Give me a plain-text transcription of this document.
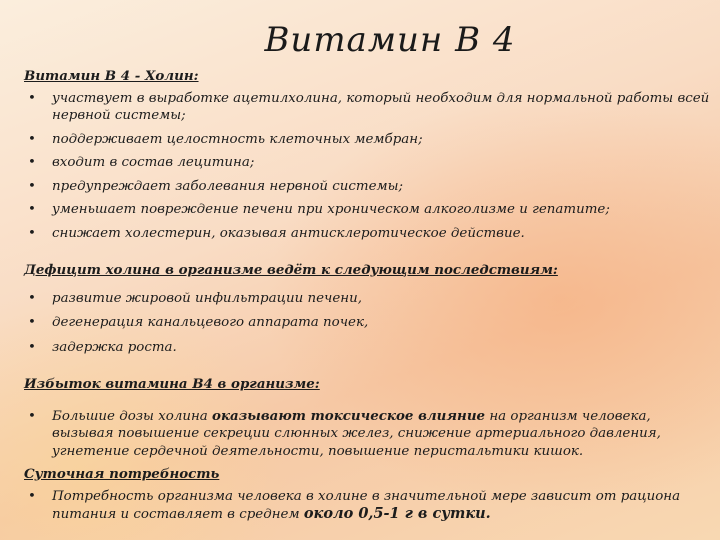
Витамин В 4
Витамин В 4 - Холин:
• участвует в выработке ацетилхолина, который необходим для нормальной работы всей нервной системы;
• поддерживает целостность клеточных мембран;
• входит в состав лецитина;
• предупреждает заболевания нервной системы;
• уменьшает повреждение печени при хроническом алкоголизме и гепатите;
• снижает холестерин, оказывая антисклеротическое действие.
Дефицит холина в организме ведёт к следующим последствиям:
• развитие жировой инфильтрации печени,
• дегенерация канальцевого аппарата почек,
• задержка роста.
Избыток витамина В4 в организме:
• Большие дозы холина оказывают токсическое влияние на организм человека, вызывая повышение секреции слюнных желез, снижение артериального давления, угнетение сердечной деятельности, повышение перистальтики кишок.
Суточная потребность
• Потребность организма человека в холине в значительной мере зависит от рациона питания и составляет в среднем около 0,5-1 г в сутки.
